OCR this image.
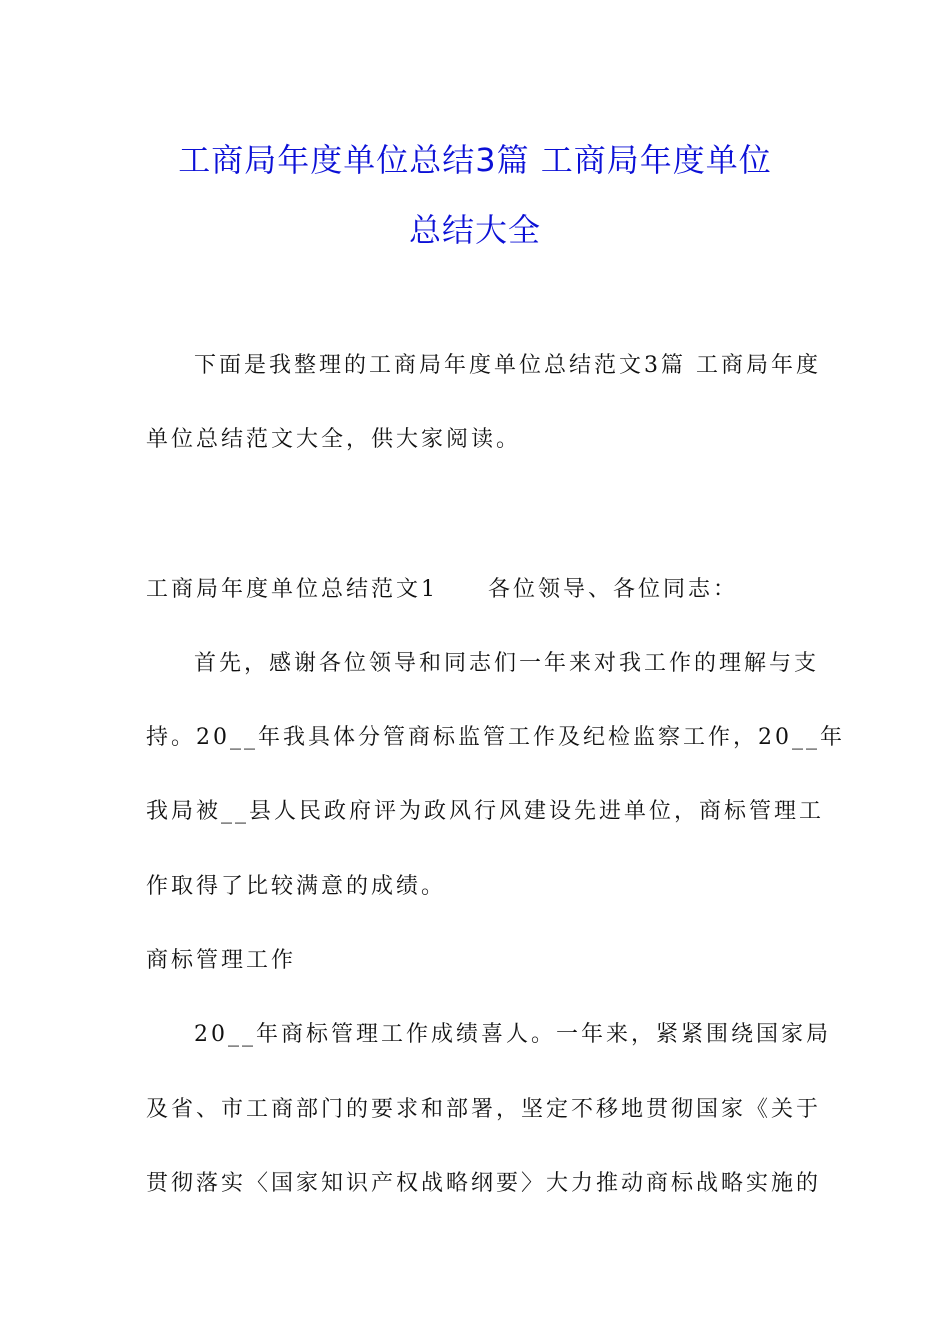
工商局年度单位总结3篇 工商局年度单位
总结大全
下面是我整理的工商局年度单位总结范文3篇 工商局年度
单位总结范文大全，供大家阅读。
工商局年度单位总结范文1　　各位领导、各位同志：
首先，感谢各位领导和同志们一年来对我工作的理解与支
持。20__年我具体分管商标监管工作及纪检监察工作，20__年
我局被__县人民政府评为政风行风建设先进单位，商标管理工
作取得了比较满意的成绩。
商标管理工作
20__年商标管理工作成绩喜人。一年来，紧紧围绕国家局
及省、市工商部门的要求和部署，坚定不移地贯彻国家《关于
贯彻落实〈国家知识产权战略纲要〉大力推动商标战略实施的
